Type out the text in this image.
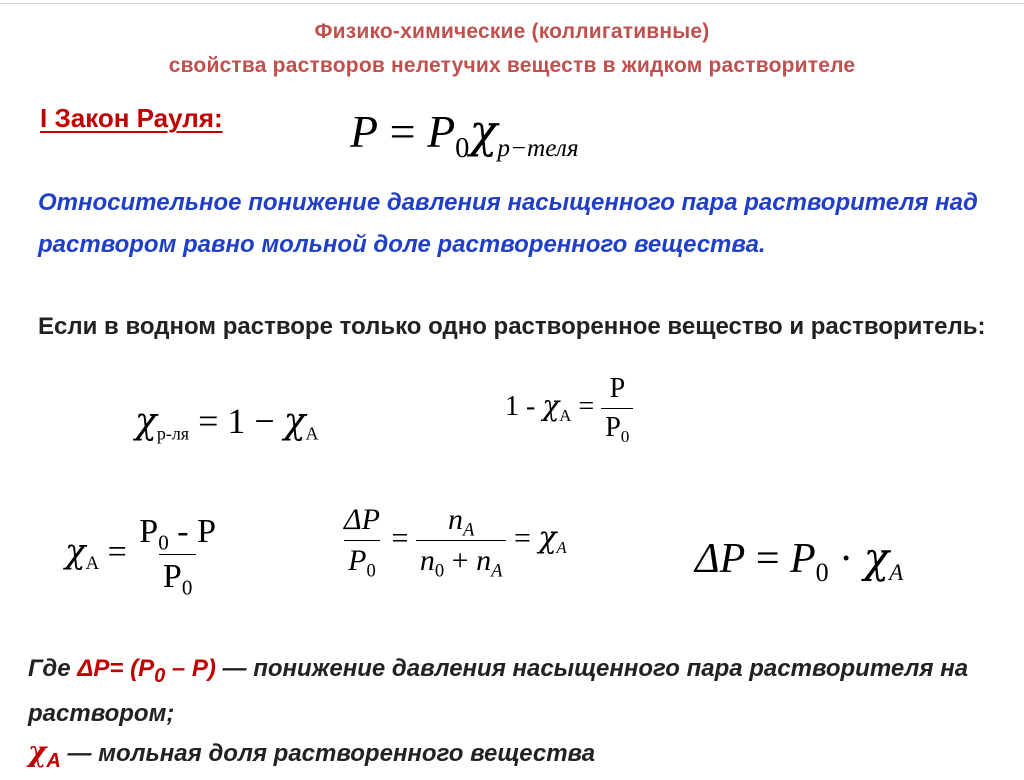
Физико-химические (коллигативные)
свойства растворов нелетучих веществ в жидком растворителе
I Закон Рауля:	$P = P_0\chi_{р-теля}$
Относительное понижение давления насыщенного пара растворителя над раствором равно мольной доле растворенного вещества.
Если в водном растворе только одно растворенное вещество и растворитель:
$\chi_{р-ля} = 1 - \chi_A$
$1 - \chi_A = \frac{P}{P_0}$
$\chi_A = \frac{P_0 - P}{P_0}$	$\frac{\Delta P}{P_0} = \frac{n_A}{n_0 + n_A} = \chi_A$	$\Delta P = P_0 \cdot \chi_A$
Где $\Delta P= (P_0 - P)$ — понижение давления насыщенного пара растворителя на раствором;
$\chi_A$ — мольная доля растворенного вещества
